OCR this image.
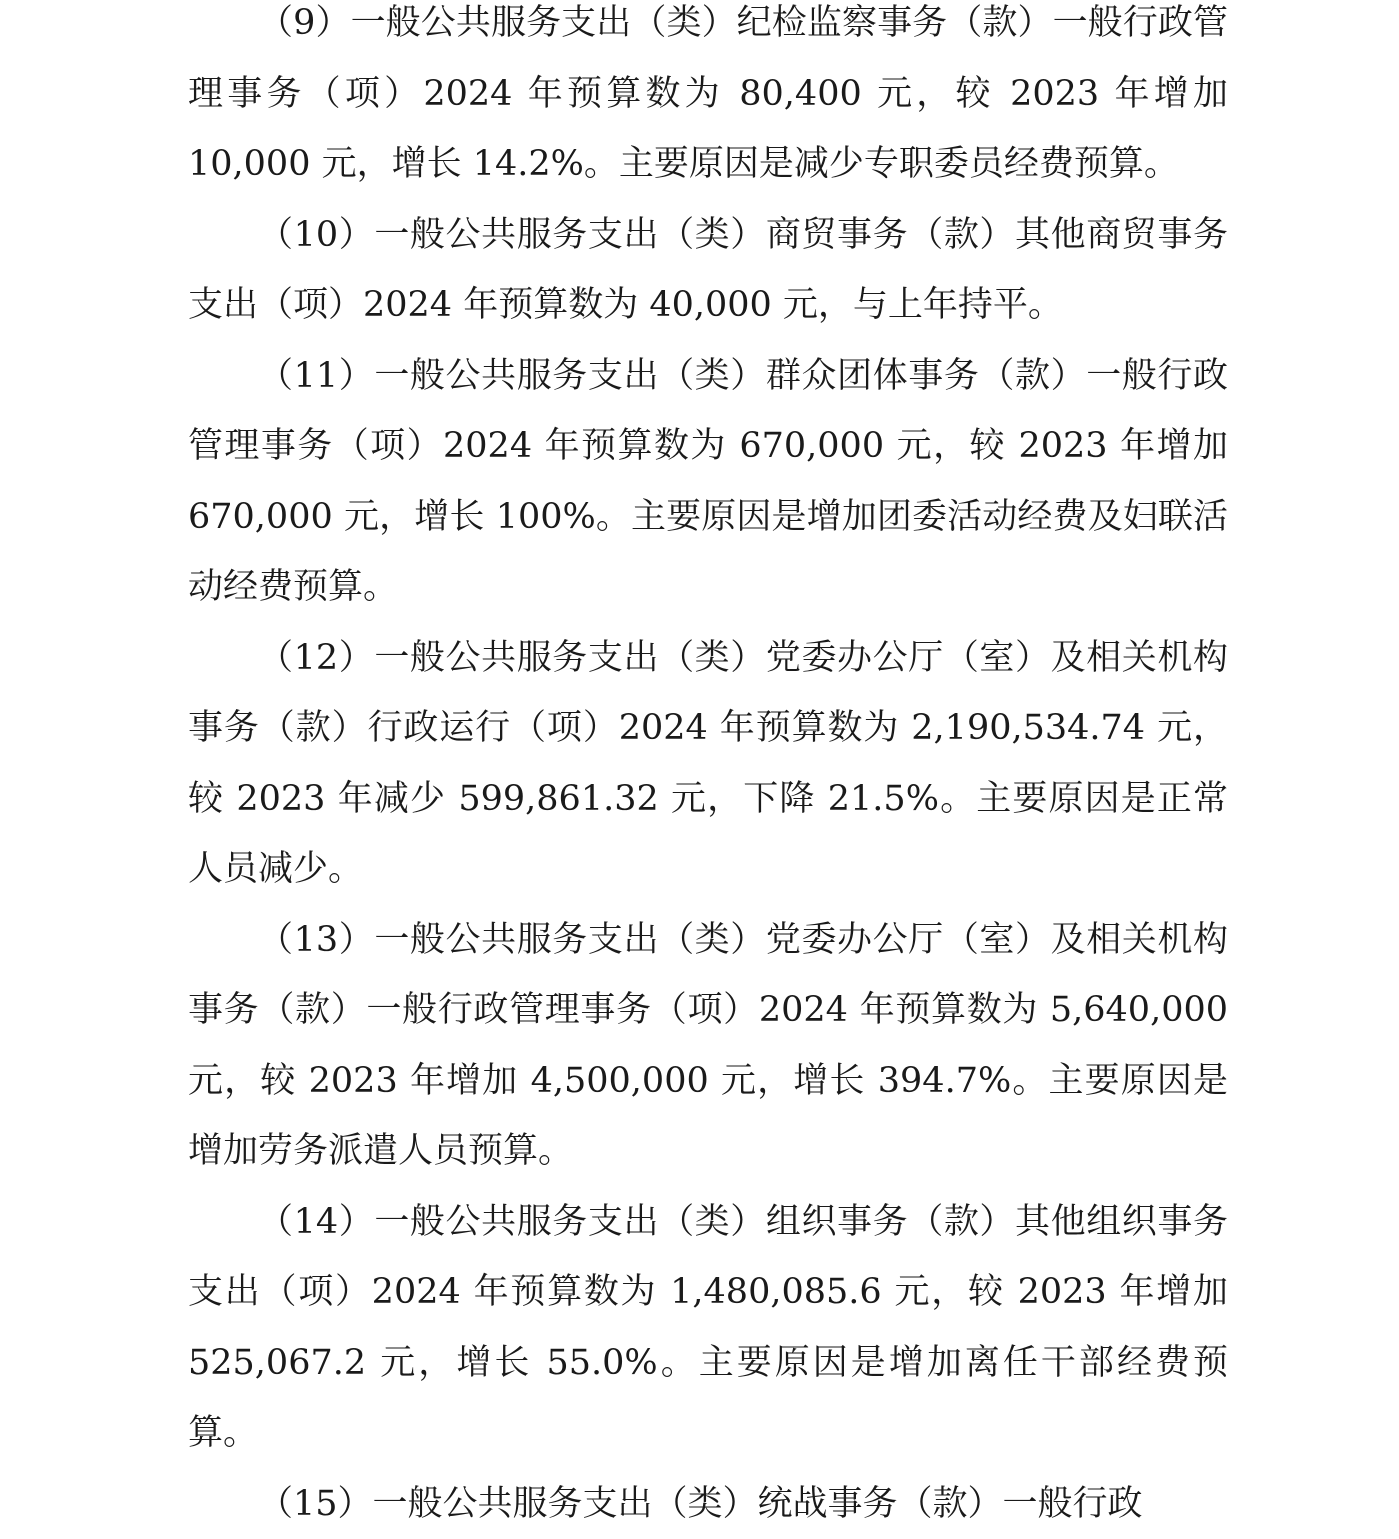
（9）一般公共服务支出（类）纪检监察事务（款）一般行政管理事务（项）2024 年预算数为 80,400 元，较 2023 年增加 10,000 元，增长 14.2%。主要原因是减少专职委员经费预算。

（10）一般公共服务支出（类）商贸事务（款）其他商贸事务支出（项）2024 年预算数为 40,000 元，与上年持平。

（11）一般公共服务支出（类）群众团体事务（款）一般行政管理事务（项）2024 年预算数为 670,000 元，较 2023 年增加 670,000 元，增长 100%。主要原因是增加团委活动经费及妇联活动经费预算。

（12）一般公共服务支出（类）党委办公厅（室）及相关机构事务（款）行政运行（项）2024 年预算数为 2,190,534.74 元，较 2023 年减少 599,861.32 元，下降 21.5%。主要原因是正常人员减少。

（13）一般公共服务支出（类）党委办公厅（室）及相关机构事务（款）一般行政管理事务（项）2024 年预算数为 5,640,000 元，较 2023 年增加 4,500,000 元，增长 394.7%。主要原因是增加劳务派遣人员预算。

（14）一般公共服务支出（类）组织事务（款）其他组织事务支出（项）2024 年预算数为 1,480,085.6 元，较 2023 年增加 525,067.2 元，增长 55.0%。主要原因是增加离任干部经费预算。

（15）一般公共服务支出（类）统战事务（款）一般行政
